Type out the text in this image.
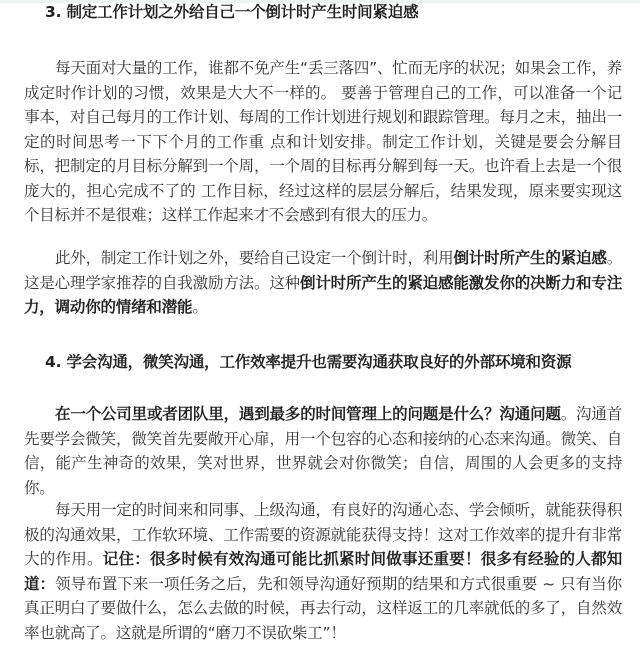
3. 制定工作计划之外给自己一个倒计时产生时间紧迫感

每天面对大量的工作，谁都不免产生“丢三落四”、忙而无序的状况；如果会工作，养成定时作计划的习惯，效果是大大不一样的。 要善于管理自己的工作，可以准备一个记事本，对自己每月的工作计划、每周的工作计划进行规划和跟踪管理。每月之末，抽出一定的时间思考一下下个月的工作重 点和计划安排。制定工作计划，关键是要会分解目标，把制定的月目标分解到一个周，一个周的目标再分解到每一天。也许看上去是一个很庞大的，担心完成不了的 工作目标，经过这样的层层分解后，结果发现，原来要实现这个目标并不是很难；这样工作起来才不会感到有很大的压力。

此外，制定工作计划之外，要给自己设定一个倒计时，利用倒计时所产生的紧迫感。这是心理学家推荐的自我激励方法。这种倒计时所产生的紧迫感能激发你的决断力和专注力，调动你的情绪和潜能。

4. 学会沟通，微笑沟通，工作效率提升也需要沟通获取良好的外部环境和资源

在一个公司里或者团队里，遇到最多的时间管理上的问题是什么？沟通问题。沟通首先要学会微笑，微笑首先要敞开心扉，用一个包容的心态和接纳的心态来沟通。微笑、自信，能产生神奇的效果，笑对世界，世界就会对你微笑；自信，周围的人会更多的支持你。

每天用一定的时间来和同事、上级沟通，有良好的沟通心态、学会倾听，就能获得积极的沟通效果，工作软环境、工作需要的资源就能获得支持！这对工作效率的提升有非常大的作用。记住：很多时候有效沟通可能比抓紧时间做事还重要！很多有经验的人都知道：领导布置下来一项任务之后，先和领导沟通好预期的结果和方式很重要 ~ 只有当你真正明白了要做什么，怎么去做的时候，再去行动，这样返工的几率就低的多了，自然效率也就高了。这就是所谓的“磨刀不误砍柴工”！
